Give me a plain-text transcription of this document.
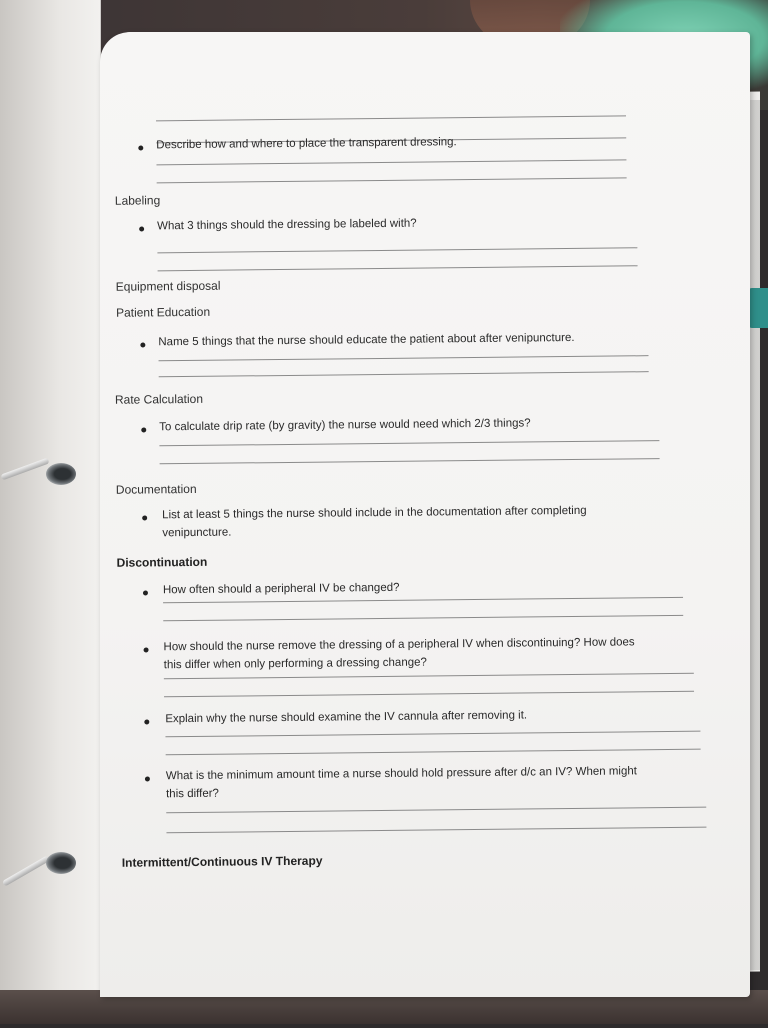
Describe how and where to place the transparent dressing.
Labeling
What 3 things should the dressing be labeled with?
Equipment disposal
Patient Education
Name 5 things that the nurse should educate the patient about after venipuncture.
Rate Calculation
To calculate drip rate (by gravity) the nurse would need which 2/3 things?
Documentation
List at least 5 things the nurse should include in the documentation after completing
venipuncture.
Discontinuation
How often should a peripheral IV be changed?
How should the nurse remove the dressing of a peripheral IV when discontinuing? How does
this differ when only performing a dressing change?
Explain why the nurse should examine the IV cannula after removing it.
What is the minimum amount time a nurse should hold pressure after d/c an IV? When might
this differ?
Intermittent/Continuous IV Therapy
